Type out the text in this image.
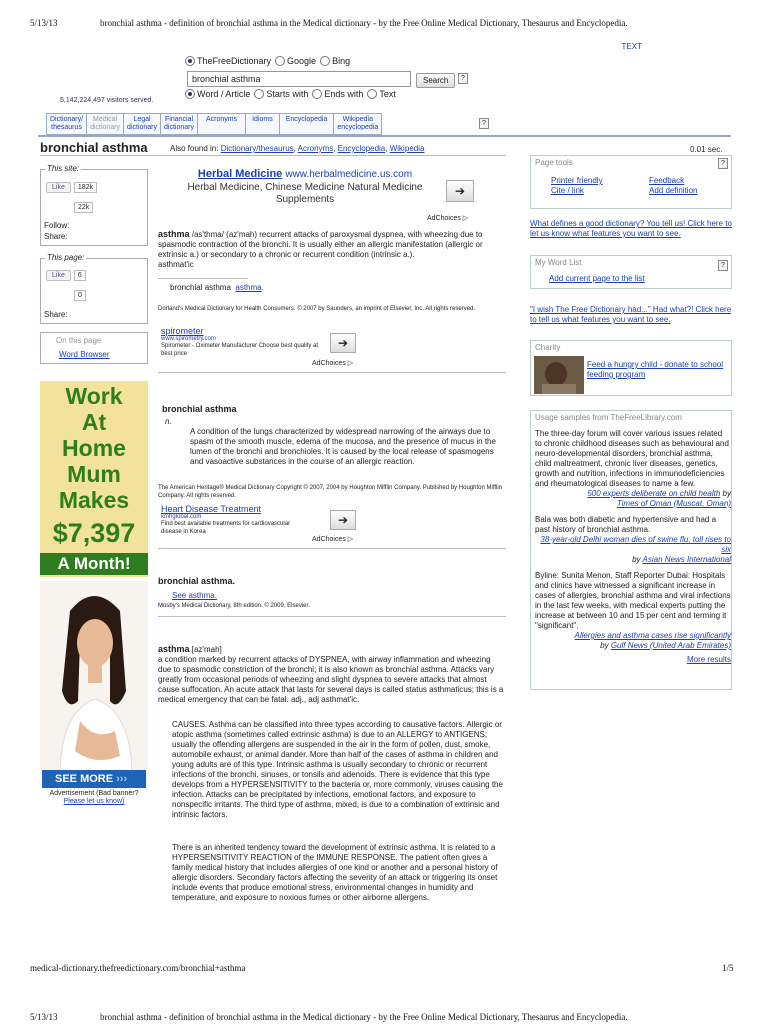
5/13/13	bronchial asthma - definition of bronchial asthma in the Medical dictionary - by the Free Online Medical Dictionary, Thesaurus and Encyclopedia.
TEXT
TheFreeDictionary Google Bing
bronchial asthma	Search	?
Word / Article Starts with Ends with Text
5,142,224,497 visitors served.
Dictionary/
thesaurus
Medical
dictionary
Legal
dictionary
Financial
dictionary
Acronyms Idioms Encyclopedia	Wikipedia
encyclopedia
?
bronchial asthma	Also found in: Dictionary/thesaurus, Acronyms, Encyclopedia, Wikipedia	0.01 sec.
This site:
Like 182k
22k
Follow:
Share:
This page:
Like 6
0
Share:
On this page
Word Browser
Work
At
Home
Mum
Makes
$7,397
A Month!
SEE MORE ›››
Advertisement (Bad banner?
Please let us know)
Herbal Medicine www.herbalmedicine.us.com
Herbal Medicine, Chinese Medicine Natural Medicine Supplements
➔
AdChoices ▷

asthma /as'thma/ (az'mah) recurrent attacks of paroxysmal dyspnea, with wheezing due to spasmodic contraction of the bronchi. It is usually either an allergic manifestation (allergic or extrinsic a.) or secondary to a chronic or recurrent condition (intrinsic a.).

asthmat'ic

bronchial asthma asthma.
Dorland's Medical Dictionary for Health Consumers. © 2007 by Saunders, an imprint of Elsevier, Inc. All rights reserved.
spirometer
www.spirometry.com
Spirometer - Oximeter Manufacturer Choose best quality at best price
➔
AdChoices ▷
bronchial asthma
n.

A condition of the lungs characterized by widespread narrowing of the airways due to spasm of the smooth muscle, edema of the mucosa, and the presence of mucus in the lumen of the bronchi and bronchioles. It is caused by the local release of spasmogens and vasoactive substances in the course of an allergic reaction.

The American Heritage® Medical Dictionary Copyright © 2007, 2004 by Houghton Mifflin Company. Published by Houghton Mifflin Company. All rights reserved.
Heart Disease Treatment
kmhglobal.com
Find best available treatments for cardiovascular disease in Korea
➔
AdChoices ▷
bronchial asthma.
See asthma.
Mosby's Medical Dictionary, 8th edition. © 2009, Elsevier.

asthma [az'mah]

a condition marked by recurrent attacks of DYSPNEA, with airway inflammation and wheezing due to spasmodic constriction of the bronchi; it is also known as bronchial asthma. Attacks vary greatly from occasional periods of wheezing and slight dyspnea to severe attacks that almost cause suffocation. An acute attack that lasts for several days is called status asthmaticus; this is a medical emergency that can be fatal. adj., adj asthmat'ic.

CAUSES. Asthma can be classified into three types according to causative factors. Allergic or atopic asthma (sometimes called extrinsic asthma) is due to an ALLERGY to ANTIGENS; usually the offending allergens are suspended in the air in the form of pollen, dust, smoke, automobile exhaust, or animal dander. More than half of the cases of asthma in children and young adults are of this type. Intrinsic asthma is usually secondary to chronic or recurrent infections of the bronchi, sinuses, or tonsils and adenoids. There is evidence that this type develops from a HYPERSENSITIVITY to the bacteria or, more commonly, viruses causing the infection. Attacks can be precipitated by infections, emotional factors, and exposure to nonspecific irritants. The third type of asthma, mixed, is due to a combination of extrinsic and intrinsic factors.

There is an inherited tendency toward the development of extrinsic asthma. It is related to a HYPERSENSITIVITY REACTION of the IMMUNE RESPONSE. The patient often gives a family medical history that includes allergies of one kind or another and a personal history of allergic disorders. Secondary factors affecting the severity of an attack or triggering its onset include events that produce emotional stress, environmental changes in humidity and temperature, and exposure to noxious fumes or other airborne allergens.

Page tools	?
Printer friendly	Feedback
Cite / link	Add definition
What defines a good dictionary? You tell us! Click here to let us know what features you want to see.
My Word List	?
Add current page to the list
"I wish The Free Dictionary had..." Had what?! Click here to tell us what features you want to see.
Charity
Feed a hungry child - donate to school feeding program
Usage samples from TheFreeLibrary.com
The three-day forum will cover various issues related to chronic childhood diseases such as behavioural and neuro-developmental disorders, bronchial asthma, child maltreatment, chronic liver diseases, genetics, growth and nutrition, infections in immunodeficiencies and rheumatological diseases to name a few.
500 experts deliberate on child health by
Times of Oman (Muscat, Oman)
Bala was both diabetic and hypertensive and had a past history of bronchial asthma.
38-year-old Delhi woman dies of swine flu, toll rises to six
by Asian News International
Byline: Sunita Menon, Staff Reporter Dubai: Hospitals and clinics have witnessed a significant increase in cases of allergies, bronchial asthma and viral infections in the last few weeks, with medical experts putting the increase at between 10 and 15 per cent and terming it "significant".
Allergies and asthma cases rise significantly
by Gulf News (United Arab Emirates)
More results
medical-dictionary.thefreedictionary.com/bronchial+asthma	1/5
5/13/13	bronchial asthma - definition of bronchial asthma in the Medical dictionary - by the Free Online Medical Dictionary, Thesaurus and Encyclopedia.
